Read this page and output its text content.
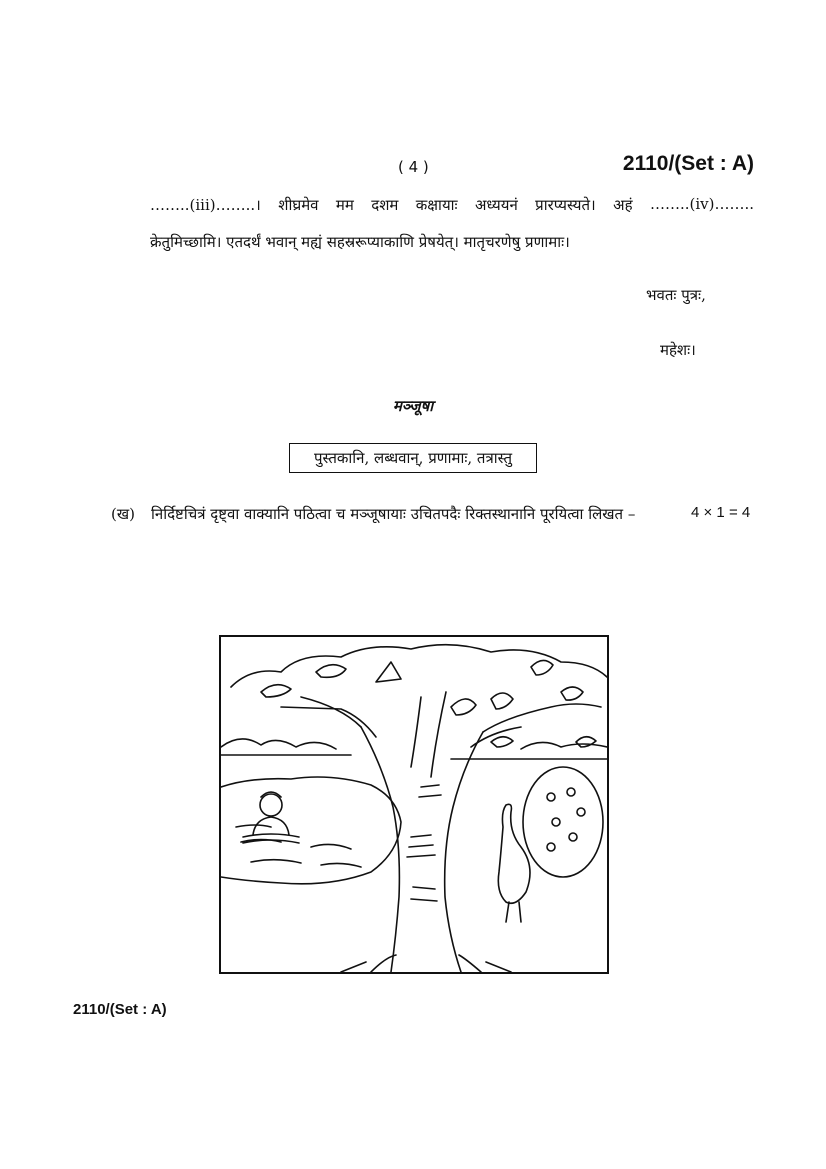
( 4 )	2110/(Set : A)
……..(iii)……..। शीघ्रमेव मम दशम कक्षायाः अध्ययनं प्रारप्यस्यते। अहं ……..(iv)……..
क्रेतुमिच्छामि। एतदर्थं भवान् मह्यं सहस्ररूप्याकाणि प्रेषयेत्। मातृचरणेषु प्रणामाः।
भवतः पुत्रः,
महेशः।
मञ्जूषा
पुस्तकानि, लब्धवान्, प्रणामाः, तत्रास्तु
(ख) निर्दिष्टचित्रं दृष्ट्वा वाक्यानि पठित्वा च मञ्जूषायाः उचितपदैः रिक्तस्थानानि पूरयित्वा लिखत –	4 × 1 = 4
2110/(Set : A)
